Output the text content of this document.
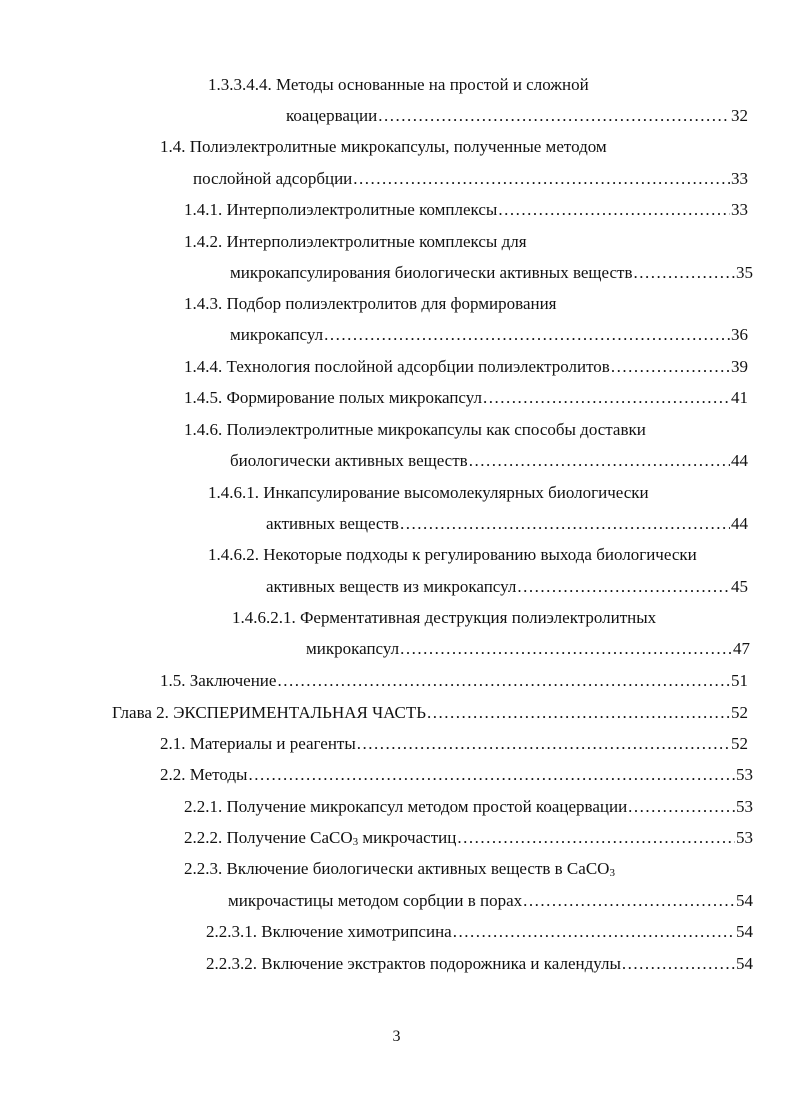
1.3.3.4.4. Методы основанные на простой и сложной
коацервации .....	32
1.4. Полиэлектролитные микрокапсулы, полученные методом
послойной адсорбции .....	33
1.4.1. Интерполиэлектролитные комплексы .....	33
1.4.2. Интерполиэлектролитные комплексы для
микрокапсулирования биологически активных веществ .....	35
1.4.3. Подбор полиэлектролитов для формирования
микрокапсул .....	36
1.4.4. Технология послойной адсорбции полиэлектролитов .....	39
1.4.5. Формирование полых микрокапсул .....	41
1.4.6. Полиэлектролитные микрокапсулы как способы доставки
биологически активных веществ .....	44
1.4.6.1. Инкапсулирование высомолекулярных биологически
активных веществ .....	44
1.4.6.2. Некоторые подходы к регулированию выхода биологически
активных веществ из микрокапсул .....	45
1.4.6.2.1. Ферментативная деструкция полиэлектролитных
микрокапсул .....	47
1.5. Заключение .....	51
Глава 2. ЭКСПЕРИМЕНТАЛЬНАЯ ЧАСТЬ .....	52
2.1. Материалы и реагенты .....	52
2.2. Методы .....	53
2.2.1. Получение микрокапсул методом простой коацервации .....	53
2.2.2. Получение CaCO$_3$ микрочастиц .....	53
2.2.3. Включение биологически активных веществ в CaCO$_3$
микрочастицы методом сорбции в порах .....	54
2.2.3.1. Включение химотрипсина .....	54
2.2.3.2. Включение экстрактов подорожника и календулы .....	54
3
